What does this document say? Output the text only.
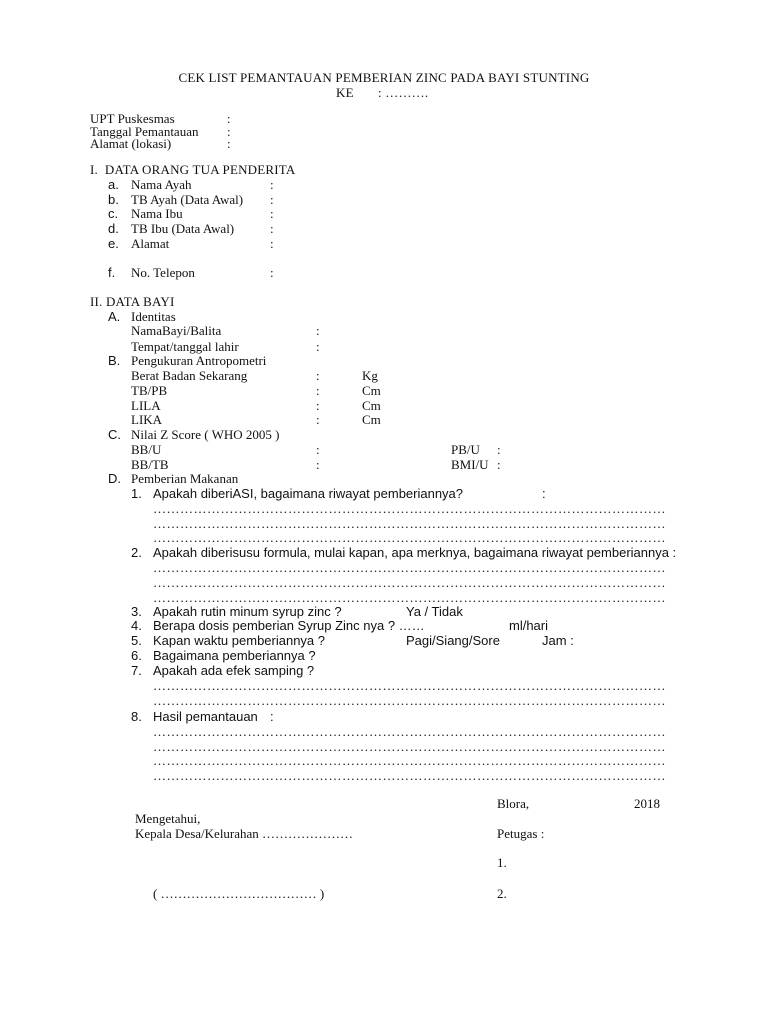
CEK LIST PEMANTAUAN PEMBERIAN ZINC PADA BAYI STUNTING
KE : ……….
UPT Puskesmas	:
Tanggal Pemantauan :
Alamat (lokasi)	:
I.  DATA ORANG TUA PENDERITA
a. Nama Ayah	:
b. TB Ayah (Data Awal) :
c. Nama Ibu	:
d. TB Ibu (Data Awal)	:
e. Alamat	:
f. No. Telepon	:
II. DATA BAYI
A. Identitas
NamaBayi/Balita	:
Tempat/tanggal lahir	:
B. Pengukuran Antropometri
Berat Badan Sekarang	:	Kg
TB/PB	:	Cm
LILA	:	Cm
LIKA	:	Cm
C. Nilai Z Score ( WHO 2005 )
BB/U	:	PB/U :
BB/TB	:	BMI/U :
D. Pemberian Makanan
1. Apakah diberiASI, bagaimana riwayat pemberiannya?	:
……………………………………………………………………………………………………
……………………………………………………………………………………………………
……………………………………………………………………………………………………
2. Apakah diberisusu formula, mulai kapan, apa merknya, bagaimana riwayat pemberiannya :
……………………………………………………………………………………………………
……………………………………………………………………………………………………
……………………………………………………………………………………………………
3. Apakah rutin minum syrup zinc ?	Ya / Tidak
4. Berapa dosis pemberian Syrup Zinc nya ? ……	ml/hari
5. Kapan waktu pemberiannya ?	Pagi/Siang/Sore	Jam :
6. Bagaimana pemberiannya ?
7. Apakah ada efek samping ?
……………………………………………………………………………………………………
……………………………………………………………………………………………………
8. Hasil pemantauan :
……………………………………………………………………………………………………
……………………………………………………………………………………………………
……………………………………………………………………………………………………
……………………………………………………………………………………………………
Blora,	2018
Mengetahui,
Kepala Desa/Kelurahan …………………	Petugas :
1.
( ……………………………… )	2.
